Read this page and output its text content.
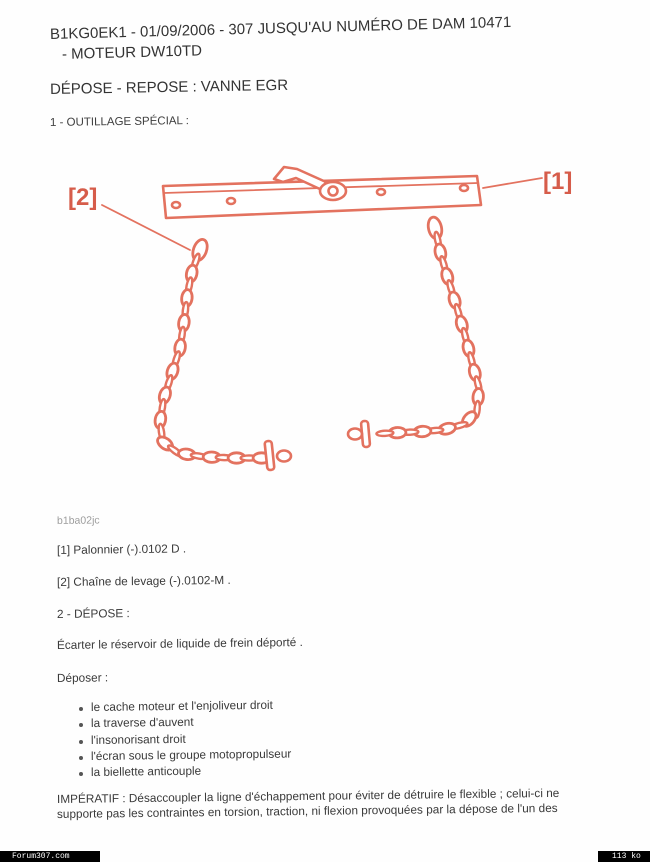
B1KG0EK1 - 01/09/2006 - 307 JUSQU'AU NUMÉRO DE DAM 10471
- MOTEUR DW10TD
DÉPOSE - REPOSE : VANNE EGR
1 - OUTILLAGE SPÉCIAL :
[1]
[2]
b1ba02jc
[1] Palonnier (-).0102 D .
[2] Chaîne de levage (-).0102-M .
2 - DÉPOSE :
Écarter le réservoir de liquide de frein déporté .
Déposer :
le cache moteur et l'enjoliveur droit
la traverse d'auvent
l'insonorisant droit
l'écran sous le groupe motopropulseur
la biellette anticouple
IMPÉRATIF : Désaccoupler la ligne d'échappement pour éviter de détruire le flexible ; celui-ci ne
supporte pas les contraintes en torsion, traction, ni flexion provoquées par la dépose de l'un des
Forum307.com	113 ko
